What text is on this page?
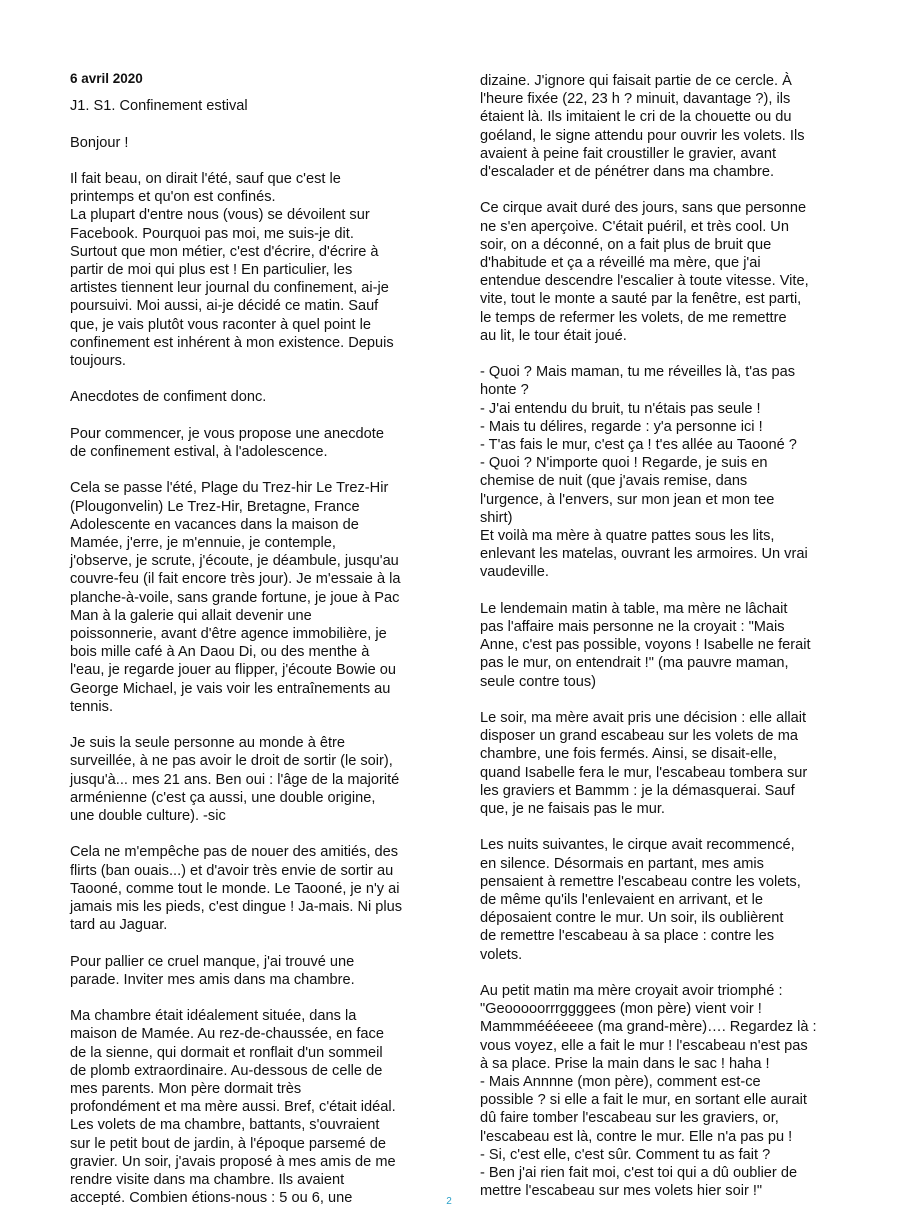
6 avril 2020
J1. S1. Confinement estival
Bonjour !
Il fait beau, on dirait l'été, sauf que c'est le
printemps et qu'on est confinés.
La plupart d'entre nous (vous) se dévoilent sur
Facebook. Pourquoi pas moi, me suis-je dit.
Surtout que mon métier, c'est d'écrire, d'écrire à
partir de moi qui plus est ! En particulier, les
artistes tiennent leur journal du confinement, ai-je
poursuivi. Moi aussi, ai-je décidé ce matin. Sauf
que, je vais plutôt vous raconter à quel point le
confinement est inhérent à mon existence. Depuis
toujours.
Anecdotes de confiment donc.
Pour commencer, je vous propose une anecdote
de confinement estival, à l'adolescence.
Cela se passe l'été, Plage du Trez-hir Le Trez-Hir
(Plougonvelin) Le Trez-Hir, Bretagne, France
Adolescente en vacances dans la maison de
Mamée, j'erre, je m'ennuie, je contemple,
j'observe, je scrute, j'écoute, je déambule, jusqu'au
couvre-feu (il fait encore très jour). Je m'essaie à la
planche-à-voile, sans grande fortune, je joue à Pac
Man à la galerie qui allait devenir une
poissonnerie, avant d'être agence immobilière, je
bois mille café à An Daou Di, ou des menthe à
l'eau, je regarde jouer au flipper, j'écoute Bowie ou
George Michael, je vais voir les entraînements au
tennis.
Je suis la seule personne au monde à être
surveillée, à ne pas avoir le droit de sortir (le soir),
jusqu'à... mes 21 ans. Ben oui : l'âge de la majorité
arménienne (c'est ça aussi, une double origine,
une double culture). -sic
Cela ne m'empêche pas de nouer des amitiés, des
flirts (ban ouais...) et d'avoir très envie de sortir au
Taooné, comme tout le monde. Le Taooné, je n'y ai
jamais mis les pieds, c'est dingue ! Ja-mais. Ni plus
tard au Jaguar.
Pour pallier ce cruel manque, j'ai trouvé une
parade. Inviter mes amis dans ma chambre.
Ma chambre était idéalement située, dans la
maison de Mamée. Au rez-de-chaussée, en face
de la sienne, qui dormait et ronflait d'un sommeil
de plomb extraordinaire. Au-dessous de celle de
mes parents. Mon père dormait très
profondément et ma mère aussi. Bref, c'était idéal.
Les volets de ma chambre, battants, s'ouvraient
sur le petit bout de jardin, à l'époque parsemé de
gravier. Un soir, j'avais proposé à mes amis de me
rendre visite dans ma chambre. Ils avaient
accepté. Combien étions-nous : 5 ou 6, une
dizaine. J'ignore qui faisait partie de ce cercle. À
l'heure fixée (22, 23 h ? minuit, davantage ?), ils
étaient là. Ils imitaient le cri de la chouette ou du
goéland, le signe attendu pour ouvrir les volets. Ils
avaient à peine fait croustiller le gravier, avant
d'escalader et de pénétrer dans ma chambre.
Ce cirque avait duré des jours, sans que personne
ne s'en aperçoive. C'était puéril, et très cool. Un
soir, on a déconné, on a fait plus de bruit que
d'habitude et ça a réveillé ma mère, que j'ai
entendue descendre l'escalier à toute vitesse. Vite,
vite, tout le monte a sauté par la fenêtre, est parti,
le temps de refermer les volets, de me remettre
au lit, le tour était joué.
- Quoi ? Mais maman, tu me réveilles là, t'as pas
honte ?
- J'ai entendu du bruit, tu n'étais pas seule !
- Mais tu délires, regarde : y'a personne ici !
- T'as fais le mur, c'est ça ! t'es allée au Taooné ?
- Quoi ? N'importe quoi ! Regarde, je suis en
chemise de nuit (que j'avais remise, dans
l'urgence, à l'envers, sur mon jean et mon tee
shirt)
Et voilà ma mère à quatre pattes sous les lits,
enlevant les matelas, ouvrant les armoires. Un vrai
vaudeville.
Le lendemain matin à table, ma mère ne lâchait
pas l'affaire mais personne ne la croyait : "Mais
Anne, c'est pas possible, voyons ! Isabelle ne ferait
pas le mur, on entendrait !" (ma pauvre maman,
seule contre tous)
Le soir, ma mère avait pris une décision : elle allait
disposer un grand escabeau sur les volets de ma
chambre, une fois fermés. Ainsi, se disait-elle,
quand Isabelle fera le mur, l'escabeau tombera sur
les graviers et Bammm : je la démasquerai. Sauf
que, je ne faisais pas le mur.
Les nuits suivantes, le cirque avait recommencé,
en silence. Désormais en partant, mes amis
pensaient à remettre l'escabeau contre les volets,
de même qu'ils l'enlevaient en arrivant, et le
déposaient contre le mur. Un soir, ils oublièrent
de remettre l'escabeau à sa place : contre les
volets.
Au petit matin ma mère croyait avoir triomphé :
"Geooooorrrggggees (mon père) vient voir !
Mammméééeeee (ma grand-mère)…. Regardez là :
vous voyez, elle a fait le mur ! l'escabeau n'est pas
à sa place. Prise la main dans le sac ! haha !
- Mais Annnne (mon père), comment est-ce
possible ? si elle a fait le mur, en sortant elle aurait
dû faire tomber l'escabeau sur les graviers, or,
l'escabeau est là, contre le mur. Elle n'a pas pu !
- Si, c'est elle, c'est sûr. Comment tu as fait ?
- Ben j'ai rien fait moi, c'est toi qui a dû oublier de
mettre l'escabeau sur mes volets hier soir !"
2
